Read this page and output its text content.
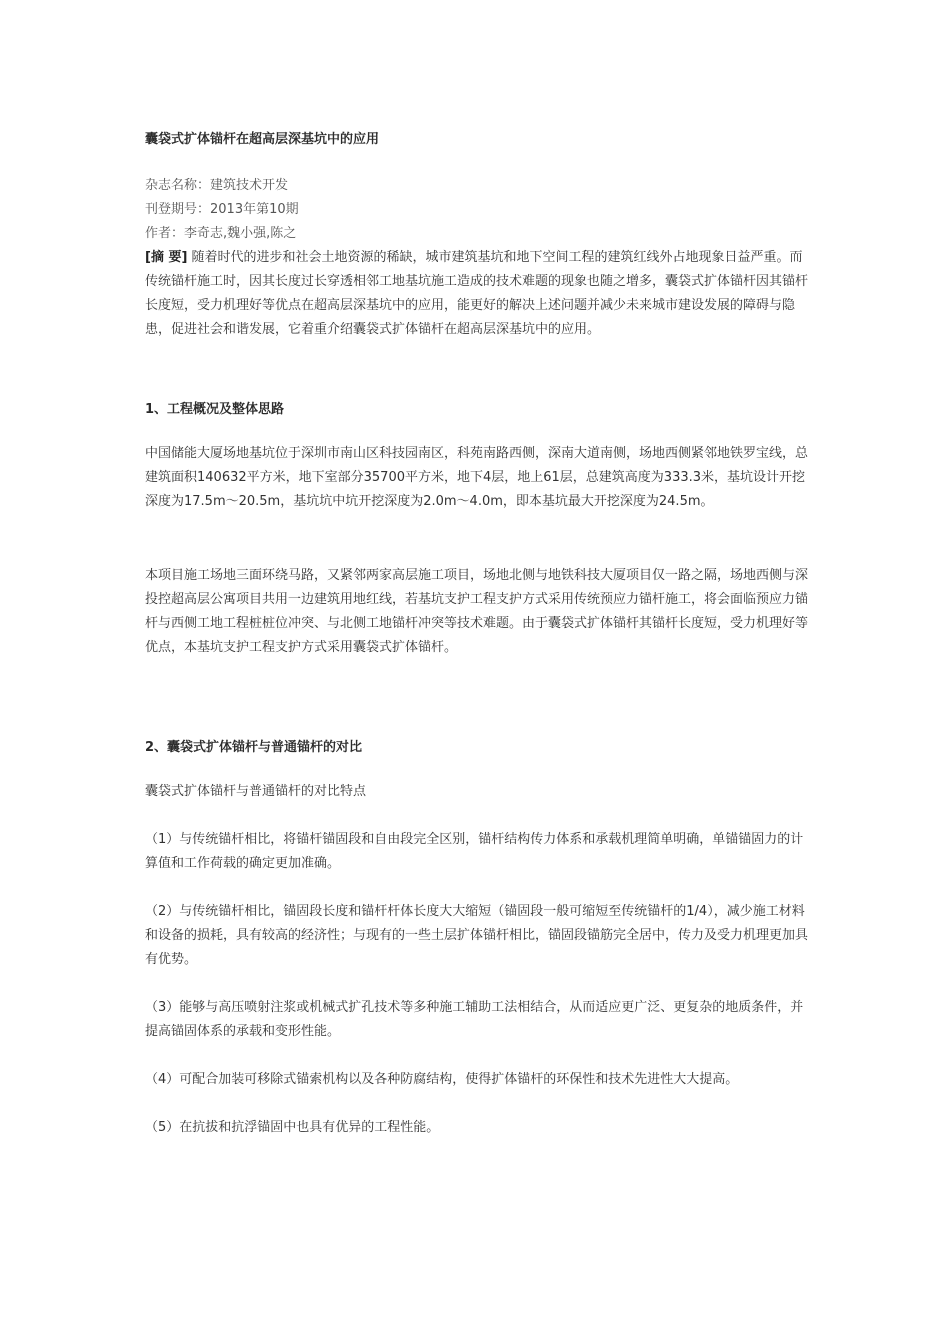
囊袋式扩体锚杆在超高层深基坑中的应用
杂志名称：建筑技术开发
刊登期号：2013年第10期
作者：李奇志,魏小强,陈之

[摘 要] 随着时代的进步和社会土地资源的稀缺，城市建筑基坑和地下空间工程的建筑红线外占地现象日益严重。而传统锚杆施工时，因其长度过长穿透相邻工地基坑施工造成的技术难题的现象也随之增多，囊袋式扩体锚杆因其锚杆长度短，受力机理好等优点在超高层深基坑中的应用，能更好的解决上述问题并减少未来城市建设发展的障碍与隐患，促进社会和谐发展，它着重介绍囊袋式扩体锚杆在超高层深基坑中的应用。

1、工程概况及整体思路

中国储能大厦场地基坑位于深圳市南山区科技园南区，科苑南路西侧，深南大道南侧，场地西侧紧邻地铁罗宝线，总建筑面积140632平方米，地下室部分35700平方米，地下4层，地上61层，总建筑高度为333.3米，基坑设计开挖深度为17.5m～20.5m，基坑坑中坑开挖深度为2.0m～4.0m，即本基坑最大开挖深度为24.5m。

本项目施工场地三面环绕马路，又紧邻两家高层施工项目，场地北侧与地铁科技大厦项目仅一路之隔，场地西侧与深投控超高层公寓项目共用一边建筑用地红线，若基坑支护工程支护方式采用传统预应力锚杆施工，将会面临预应力锚杆与西侧工地工程桩桩位冲突、与北侧工地锚杆冲突等技术难题。由于囊袋式扩体锚杆其锚杆长度短，受力机理好等优点，本基坑支护工程支护方式采用囊袋式扩体锚杆。

2、囊袋式扩体锚杆与普通锚杆的对比

囊袋式扩体锚杆与普通锚杆的对比特点

（1）与传统锚杆相比，将锚杆锚固段和自由段完全区别，锚杆结构传力体系和承载机理简单明确，单锚锚固力的计算值和工作荷载的确定更加准确。

（2）与传统锚杆相比，锚固段长度和锚杆杆体长度大大缩短（锚固段一般可缩短至传统锚杆的1/4），减少施工材料和设备的损耗，具有较高的经济性；与现有的一些土层扩体锚杆相比，锚固段锚筋完全居中，传力及受力机理更加具有优势。

（3）能够与高压喷射注浆或机械式扩孔技术等多种施工辅助工法相结合，从而适应更广泛、更复杂的地质条件，并提高锚固体系的承载和变形性能。

（4）可配合加装可移除式锚索机构以及各种防腐结构，使得扩体锚杆的环保性和技术先进性大大提高。

（5）在抗拔和抗浮锚固中也具有优异的工程性能。
